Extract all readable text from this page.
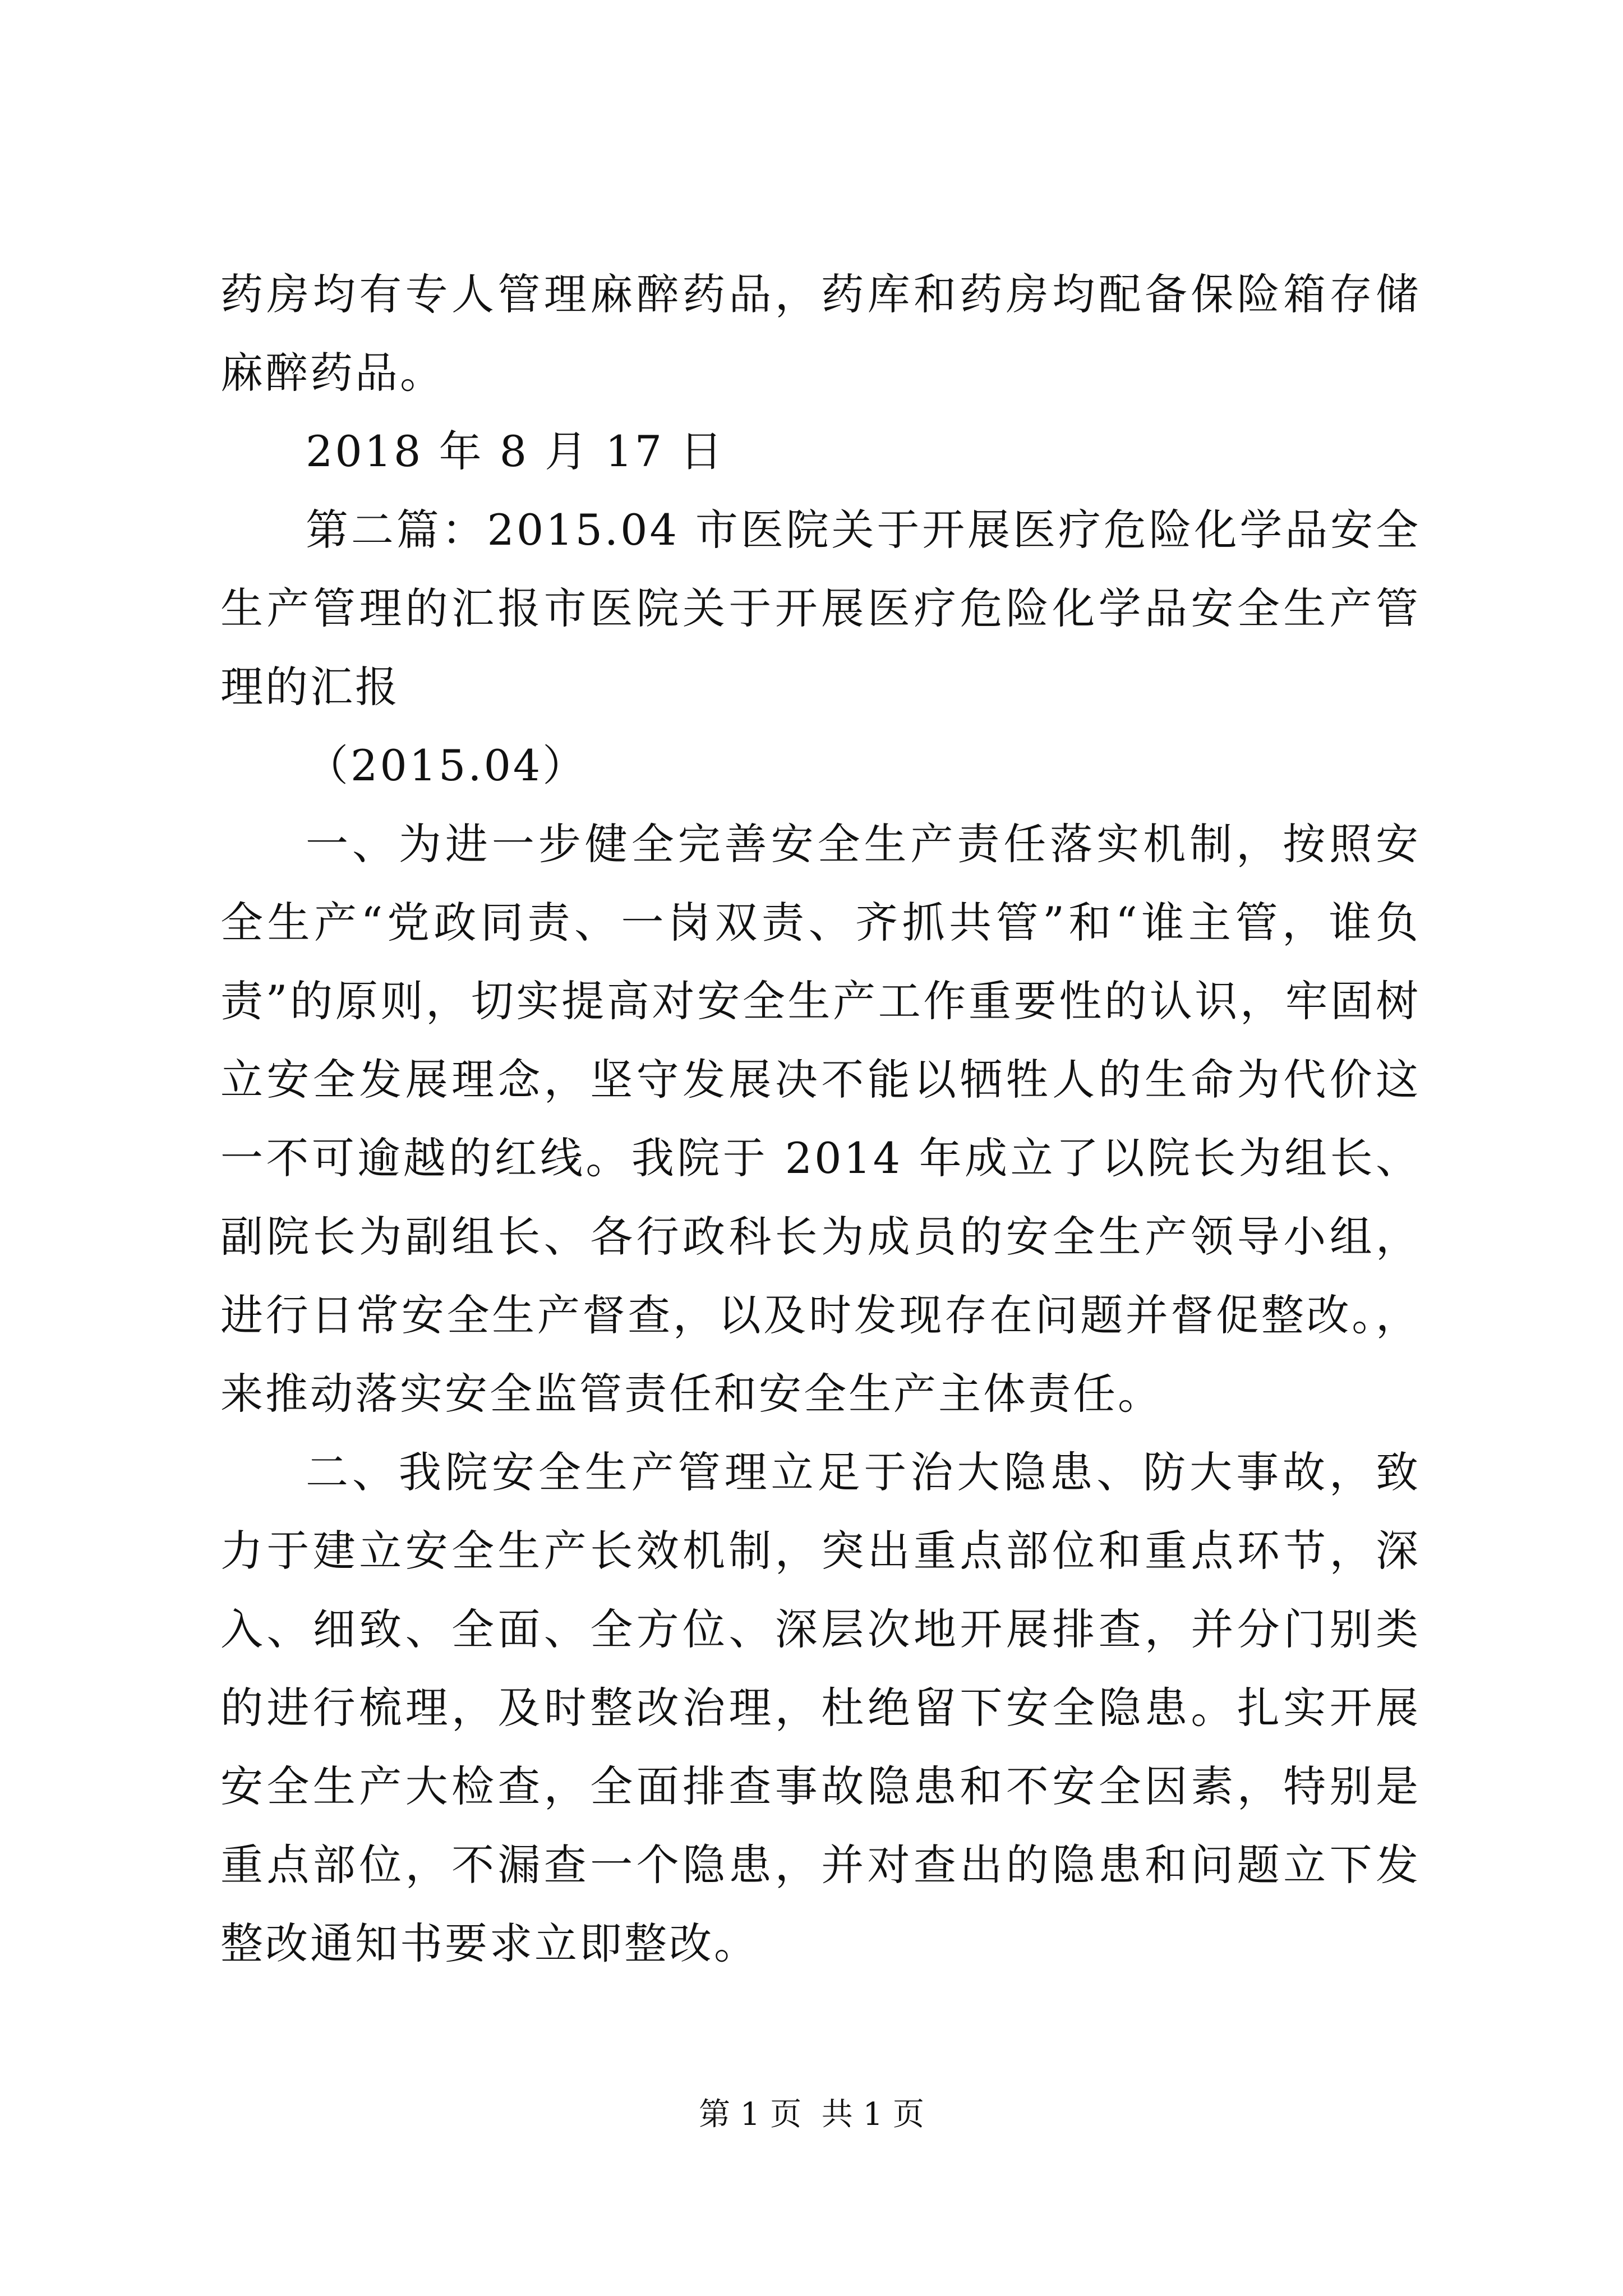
药房均有专人管理麻醉药品，药库和药房均配备保险箱存储麻醉药品。

2018 年 8 月 17 日

第二篇：2015.04 市医院关于开展医疗危险化学品安全生产管理的汇报市医院关于开展医疗危险化学品安全生产管理的汇报

（2015.04）

一、为进一步健全完善安全生产责任落实机制，按照安全生产“党政同责、一岗双责、齐抓共管”和“谁主管，谁负责”的原则，切实提高对安全生产工作重要性的认识，牢固树立安全发展理念，坚守发展决不能以牺牲人的生命为代价这一不可逾越的红线。我院于 2014 年成立了以院长为组长、副院长为副组长、各行政科长为成员的安全生产领导小组，进行日常安全生产督查，以及时发现存在问题并督促整改。，来推动落实安全监管责任和安全生产主体责任。

二、我院安全生产管理立足于治大隐患、防大事故，致力于建立安全生产长效机制，突出重点部位和重点环节，深入、细致、全面、全方位、深层次地开展排查，并分门别类的进行梳理，及时整改治理，杜绝留下安全隐患。扎实开展安全生产大检查，全面排查事故隐患和不安全因素，特别是重点部位，不漏查一个隐患，并对查出的隐患和问题立下发整改通知书要求立即整改。

第 1 页  共 1 页
